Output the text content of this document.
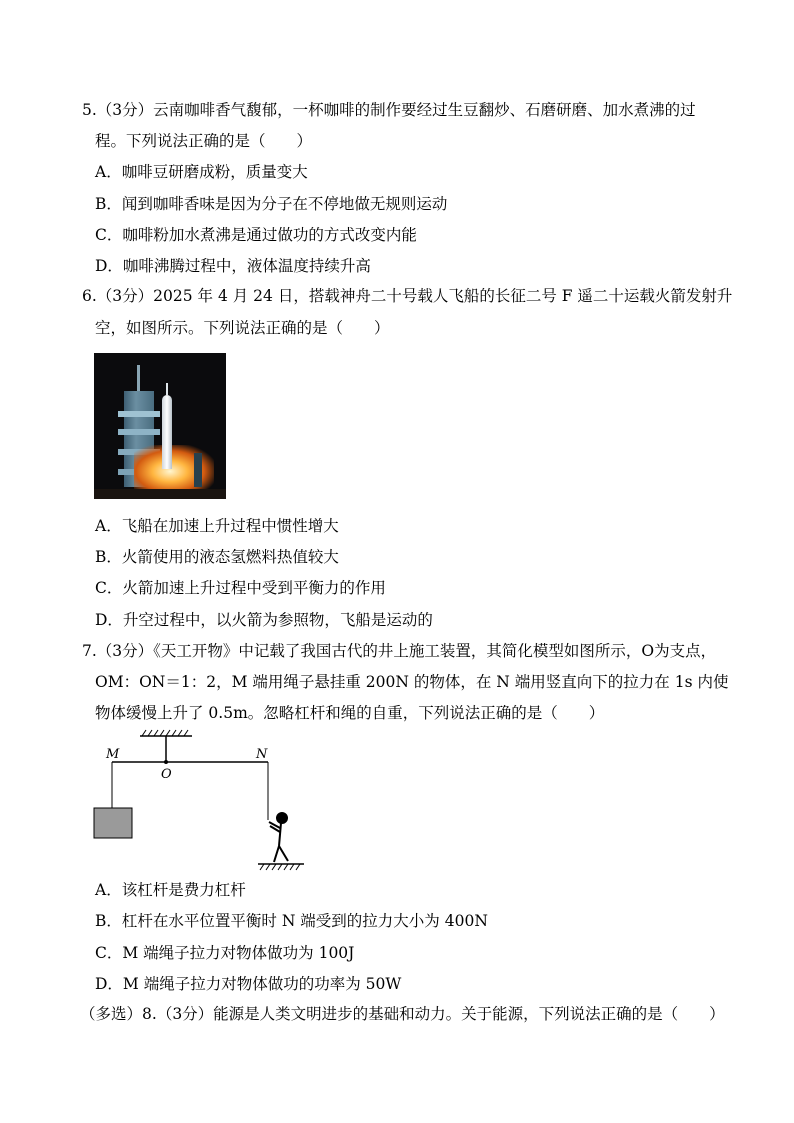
5.（3分）云南咖啡香气馥郁，一杯咖啡的制作要经过生豆翻炒、石磨研磨、加水煮沸的过
程。下列说法正确的是（　　）
A．咖啡豆研磨成粉，质量变大
B．闻到咖啡香味是因为分子在不停地做无规则运动
C．咖啡粉加水煮沸是通过做功的方式改变内能
D．咖啡沸腾过程中，液体温度持续升高
6.（3分）2025 年 4 月 24 日，搭载神舟二十号载人飞船的长征二号 F 遥二十运载火箭发射升
空，如图所示。下列说法正确的是（　　）
A．飞船在加速上升过程中惯性增大
B．火箭使用的液态氢燃料热值较大
C．火箭加速上升过程中受到平衡力的作用
D．升空过程中，以火箭为参照物，飞船是运动的
7.（3分）《天工开物》中记载了我国古代的井上施工装置，其简化模型如图所示，O为支点，
OM：ON＝1：2，M 端用绳子悬挂重 200N 的物体，在 N 端用竖直向下的拉力在 1s 内使
物体缓慢上升了 0.5m。忽略杠杆和绳的自重，下列说法正确的是（　　）
M
O
N
A．该杠杆是费力杠杆
B．杠杆在水平位置平衡时 N 端受到的拉力大小为 400N
C．M 端绳子拉力对物体做功为 100J
D．M 端绳子拉力对物体做功的功率为 50W
（多选）8.（3分）能源是人类文明进步的基础和动力。关于能源，下列说法正确的是（　　）
